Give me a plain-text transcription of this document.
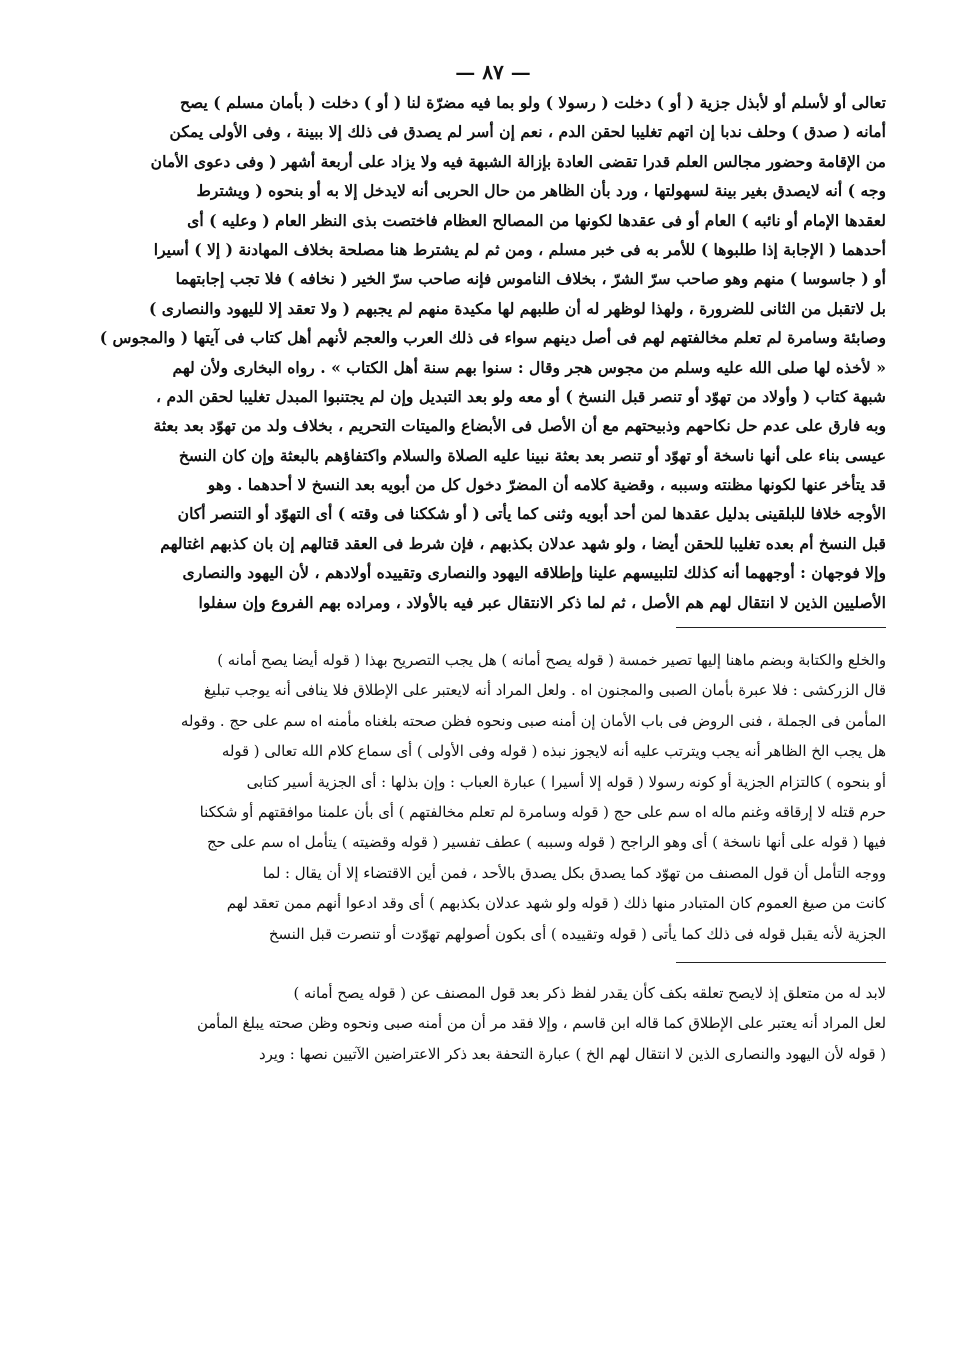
— ٨٧ —
تعالى أو لأسلم أو لأبذل جزية ( أو ) دخلت ( رسولا ) ولو بما فيه مضرّة لنا ( أو ) دخلت ( بأمان مسلم ) يصح
أمانه ( صدق ) وحلف ندبا إن اتهم تغليبا لحقن الدم ، نعم إن أسر لم يصدق فى ذلك إلا ببينة ، وفى الأولى يمكن
من الإقامة وحضور مجالس العلم قدرا تقضى العادة بإزالة الشبهة فيه ولا يزاد على أربعة أشهر ( وفى دعوى الأمان
وجه ) أنه لايصدق بغير بينة لسهولتها ، ورد بأن الظاهر من حال الحربى أنه لايدخل إلا به أو بنحوه ( ويشترط
لعقدها الإمام أو نائبه ) العام أو فى عقدها لكونها من المصالح العظام فاختصت بذى النظر العام ( وعليه ) أى
أحدهما ( الإجابة إذا طلبوها ) للأمر به فى خبر مسلم ، ومن ثم لم يشترط هنا مصلحة بخلاف المهادنة ( إلا ) أسيرا
أو ( جاسوسا ) منهم وهو صاحب سرّ الشرّ ، بخلاف الناموس فإنه صاحب سرّ الخير ( نخافه ) فلا تجب إجابتهما
بل لاتقبل من الثانى للضرورة ، ولهذا لوظهر له أن طلبهم لها مكيدة منهم لم يجبهم ( ولا تعقد إلا لليهود والنصارى )
وصابئة وسامرة لم تعلم مخالفتهم لهم فى أصل دينهم سواء فى ذلك العرب والعجم لأنهم أهل كتاب فى آيتها ( والمجوس )
« لأخذه لها صلى الله عليه وسلم من مجوس هجر وقال : سنوا بهم سنة أهل الكتاب » . رواه البخارى ولأن لهم
شبهة كتاب ( وأولاد من تهوّد أو تنصر قبل النسخ ) أو معه ولو بعد التبديل وإن لم يجتنبوا المبدل تغليبا لحقن الدم ،
وبه فارق على عدم حل نكاحهم وذبيحتهم مع أن الأصل فى الأبضاع والميتات التحريم ، بخلاف ولد من تهوّد بعد بعثة
عيسى بناء على أنها ناسخة أو تهوّد أو تنصر بعد بعثة نبينا عليه الصلاة والسلام واكتفاؤهم بالبعثة وإن كان النسخ
قد يتأخر عنها لكونها مظنته وسببه ، وقضية كلامه أن المضرّ دخول كل من أبويه بعد النسخ لا أحدهما . وهو
الأوجه خلافا للبلقينى بدليل عقدها لمن أحد أبويه وثنى كما يأتى ( أو شككنا فى وقته ) أى التهوّد أو التنصر أكان
قبل النسخ أم بعده تغليبا للحقن أيضا ، ولو شهد عدلان بكذبهم ، فإن شرط فى العقد قتالهم إن بان كذبهم اغتالهم
وإلا فوجهان : أوجههما أنه كذلك لتلبيسهم علينا وإطلاقه اليهود والنصارى وتقييده أولادهم ، لأن اليهود والنصارى
الأصليين الذين لا انتقال لهم هم الأصل ، ثم لما ذكر الانتقال عبر فيه بالأولاد ، ومراده بهم الفروع وإن سفلوا
والخلع والكتابة وبضم ماهنا إليها تصير خمسة ( قوله يصح أمانه ) هل يجب التصريح بهذا ( قوله أيضا يصح أمانه )
قال الزركشى : فلا عبرة بأمان الصبى والمجنون اه . ولعل المراد أنه لايعتبر على الإطلاق فلا ينافى أنه يوجب تبليغ
المأمن فى الجملة ، فنى الروض فى باب الأمان إن أمنه صبى ونحوه فظن صحته بلغناه مأمنه اه سم على حج . وقوله
هل يجب الخ الظاهر أنه يجب ويترتب عليه أنه لايجوز نبذه ( قوله وفى الأولى ) أى سماع كلام الله تعالى ( قوله
أو بنحوه ) كالتزام الجزية أو كونه رسولا ( قوله إلا أسيرا ) عبارة العباب : وإن بذلها : أى الجزية أسير كتابى
حرم قتله لا إرقاقه وغنم ماله اه سم على حج ( قوله وسامرة لم تعلم مخالفتهم ) أى بأن علمنا موافقتهم أو شككنا
فيها ( قوله على أنها ناسخة ) أى وهو الراجح ( قوله وسببه ) عطف تفسير ( قوله وقضيته ) يتأمل اه سم على حج
ووجه التأمل أن قول المصنف من تهوّد كما يصدق بكل يصدق بالأحد ، فمن أين الاقتضاء إلا أن يقال : لما
كانت من صيغ العموم كان المتبادر منها ذلك ( قوله ولو شهد عدلان بكذبهم ) أى وقد ادعوا أنهم ممن تعقد لهم
الجزية لأنه يقبل قوله فى ذلك كما يأتى ( قوله وتقييده ) أى بكون أصولهم تهوّدت أو تنصرت قبل النسخ
لابد له من متعلق إذ لايصح تعلقه بكف كأن يقدر لفظ ذكر بعد قول المصنف عن ( قوله يصح أمانه )
لعل المراد أنه يعتبر على الإطلاق كما قاله ابن قاسم ، وإلا فقد مر أن من أمنه صبى ونحوه وظن صحته يبلغ المأمن
( قوله لأن اليهود والنصارى الذين لا انتقال لهم الخ ) عبارة التحفة بعد ذكر الاعتراضين الآتيين نصها : ويرد
